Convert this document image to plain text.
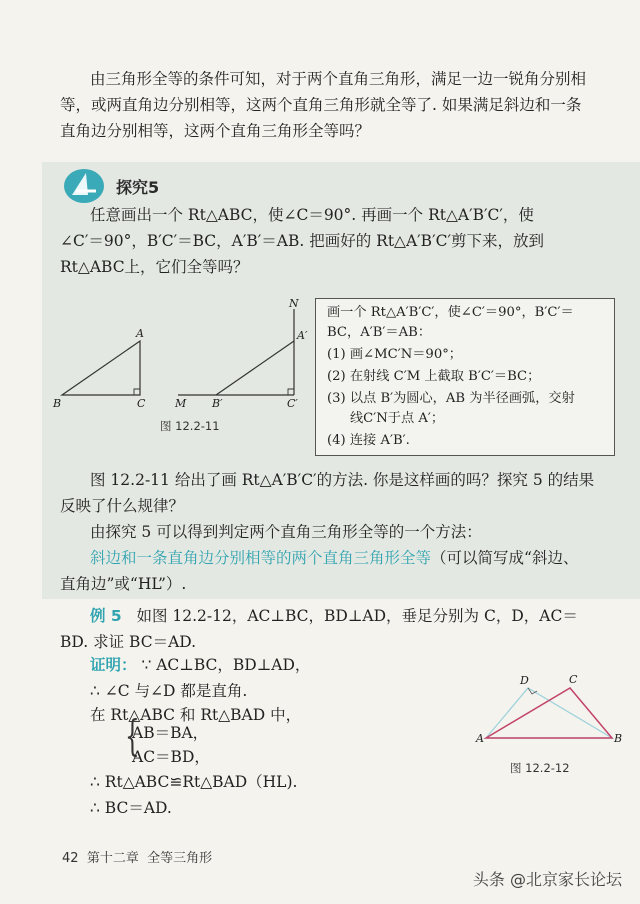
由三角形全等的条件可知，对于两个直角三角形，满足一边一锐角分别相
等，或两直角边分别相等，这两个直角三角形就全等了. 如果满足斜边和一条
直角边分别相等，这两个直角三角形全等吗？
探究5
任意画出一个 Rt△ABC，使∠C＝90°. 再画一个 Rt△A′B′C′，使
∠C′＝90°，B′C′＝BC，A′B′＝AB. 把画好的 Rt△A′B′C′剪下来，放到
Rt△ABC上，它们全等吗？
A
B	C	M B′	C′
N
A′
图 12.2-11
画一个 Rt△A′B′C′，使∠C′＝90°，B′C′＝
BC，A′B′＝AB：
(1) 画∠MC′N＝90°；
(2) 在射线 C′M 上截取 B′C′＝BC；
(3) 以点 B′为圆心，AB 为半径画弧，交射
线C′N于点 A′；
(4) 连接 A′B′.
图 12.2-11 给出了画 Rt△A′B′C′的方法. 你是这样画的吗？探究 5 的结果
反映了什么规律？
由探究 5 可以得到判定两个直角三角形全等的一个方法：
斜边和一条直角边分别相等的两个直角三角形全等（可以简写成“斜边、
直角边”或“HL”）.
例 5 如图 12.2-12，AC⊥BC，BD⊥AD，垂足分别为 C，D，AC＝
BD. 求证 BC＝AD.
证明： ∵ AC⊥BC，BD⊥AD，
∴ ∠C 与∠D 都是直角.
在 Rt△ABC 和 Rt△BAD 中，
{
AB＝BA，
AC＝BD，
∴ Rt△ABC≌Rt△BAD（HL).
∴ BC＝AD.
A	B
C
D
图 12.2-12
42 第十二章 全等三角形
头条 @北京家长论坛
